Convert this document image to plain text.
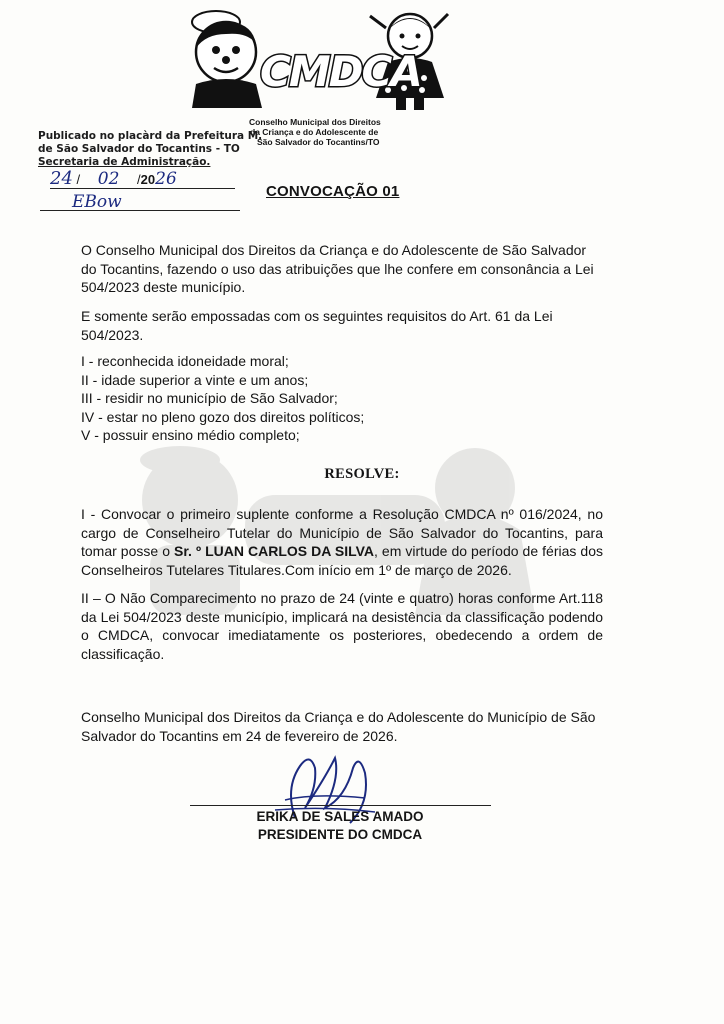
CMDCA
Conselho Municipal dos Direitos
da Criança e do Adolescente de
São Salvador do Tocantins/TO
Publicado no placàrd da Prefeitura M.
de São Salvador do Tocantins - TO
Secretaria de Administração.
24 / 02 /2026
EBow
CONVOCAÇÃO 01
O Conselho Municipal dos Direitos da Criança e do Adolescente de São Salvador do Tocantins, fazendo o uso das atribuições que lhe confere em consonância a Lei 504/2023 deste município.
E somente serão empossadas com os seguintes requisitos do Art. 61 da Lei 504/2023.
I - reconhecida idoneidade moral;
II - idade superior a vinte e um anos;
III - residir no município de São Salvador;
IV - estar no pleno gozo dos direitos políticos;
V - possuir ensino médio completo;
RESOLVE:
I - Convocar o primeiro suplente conforme a Resolução CMDCA nº 016/2024, no cargo de Conselheiro Tutelar do Município de São Salvador do Tocantins, para tomar posse o Sr. º LUAN CARLOS DA SILVA, em virtude do período de férias dos Conselheiros Tutelares Titulares.Com início em 1º de março de 2026.
II – O Não Comparecimento no prazo de 24 (vinte e quatro) horas conforme Art.118 da Lei 504/2023 deste município, implicará na desistência da classificação podendo o CMDCA, convocar imediatamente os posteriores, obedecendo a ordem de classificação.
Conselho Municipal dos Direitos da Criança e do Adolescente do Município de São Salvador do Tocantins em 24 de fevereiro de 2026.
ERIKA DE SALES AMADO
PRESIDENTE DO CMDCA
